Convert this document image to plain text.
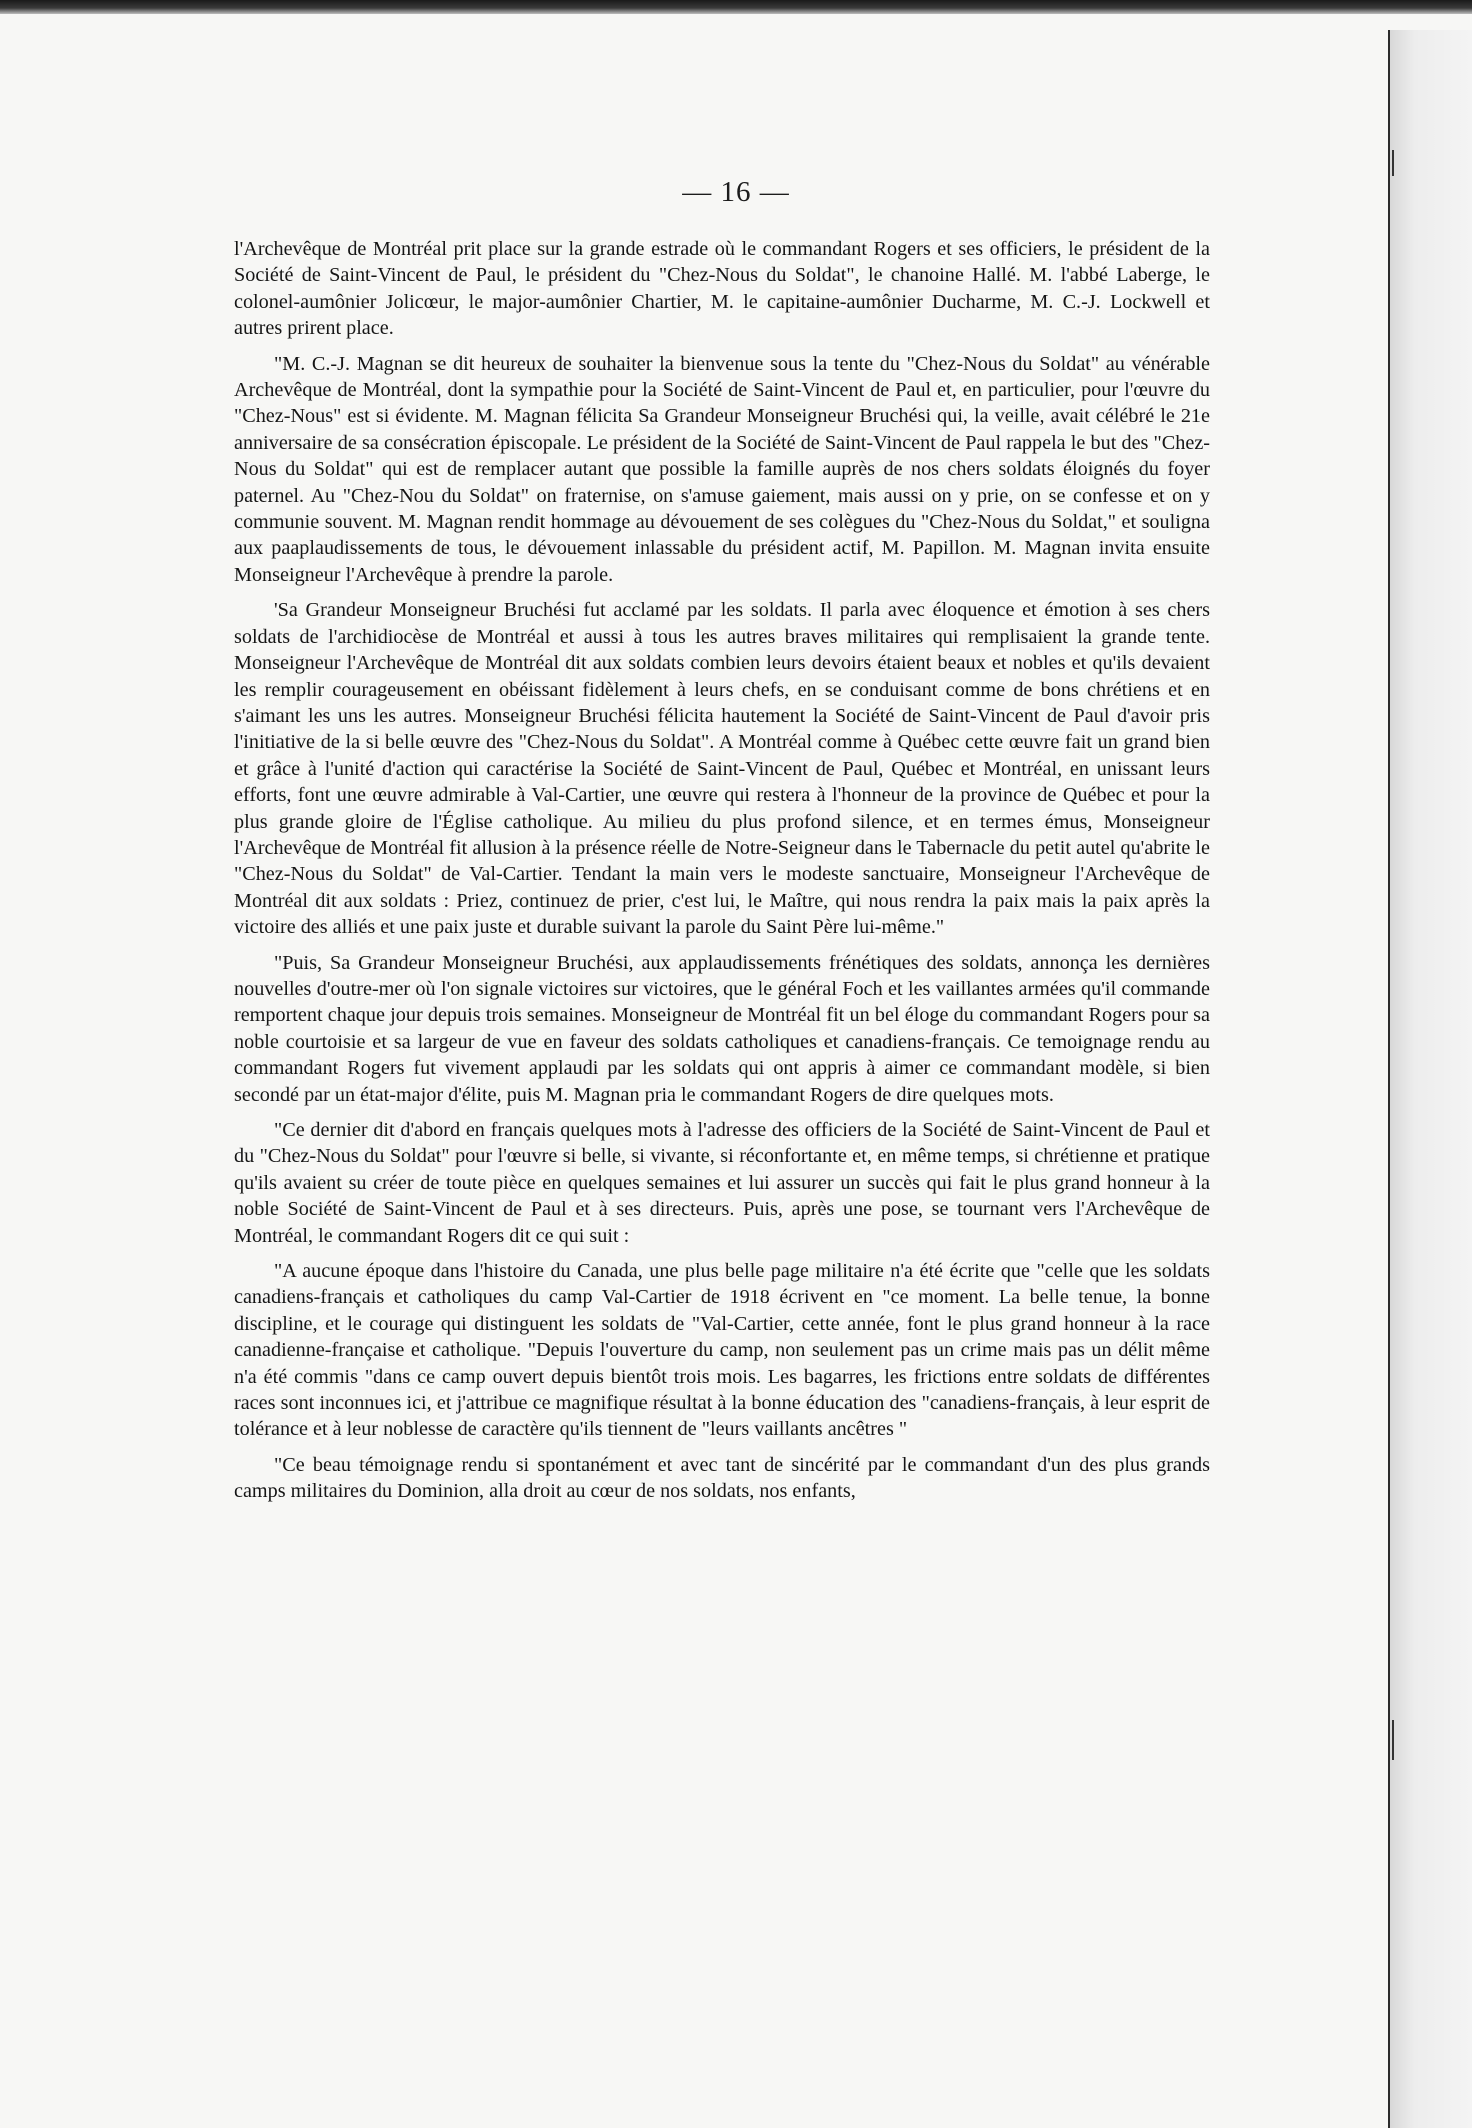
— 16 —

l'Archevêque de Montréal prit place sur la grande estrade où le commandant Rogers et ses officiers, le président de la Société de Saint-Vincent de Paul, le président du "Chez-Nous du Soldat", le chanoine Hallé. M. l'abbé Laberge, le colonel-aumônier Jolicœur, le major-aumônier Chartier, M. le capitaine-aumônier Ducharme, M. C.-J. Lockwell et autres prirent place.

"M. C.-J. Magnan se dit heureux de souhaiter la bienvenue sous la tente du "Chez-Nous du Soldat" au vénérable Archevêque de Montréal, dont la sympathie pour la Société de Saint-Vincent de Paul et, en particulier, pour l'œuvre du "Chez-Nous" est si évidente. M. Magnan félicita Sa Grandeur Monseigneur Bruchési qui, la veille, avait célébré le 21e anniversaire de sa consécration épiscopale. Le président de la Société de Saint-Vincent de Paul rappela le but des "Chez-Nous du Soldat" qui est de remplacer autant que possible la famille auprès de nos chers soldats éloignés du foyer paternel. Au "Chez-Nou du Soldat" on fraternise, on s'amuse gaiement, mais aussi on y prie, on se confesse et on y communie souvent. M. Magnan rendit hommage au dévouement de ses colègues du "Chez-Nous du Soldat," et souligna aux paaplaudissements de tous, le dévouement inlassable du président actif, M. Papillon. M. Magnan invita ensuite Monseigneur l'Archevêque à prendre la parole.

'Sa Grandeur Monseigneur Bruchési fut acclamé par les soldats. Il parla avec éloquence et émotion à ses chers soldats de l'archidiocèse de Montréal et aussi à tous les autres braves militaires qui remplisaient la grande tente. Monseigneur l'Archevêque de Montréal dit aux soldats combien leurs devoirs étaient beaux et nobles et qu'ils devaient les remplir courageusement en obéissant fidèlement à leurs chefs, en se conduisant comme de bons chrétiens et en s'aimant les uns les autres. Monseigneur Bruchési félicita hautement la Société de Saint-Vincent de Paul d'avoir pris l'initiative de la si belle œuvre des "Chez-Nous du Soldat". A Montréal comme à Québec cette œuvre fait un grand bien et grâce à l'unité d'action qui caractérise la Société de Saint-Vincent de Paul, Québec et Montréal, en unissant leurs efforts, font une œuvre admirable à Val-Cartier, une œuvre qui restera à l'honneur de la province de Québec et pour la plus grande gloire de l'Église catholique. Au milieu du plus profond silence, et en termes émus, Monseigneur l'Archevêque de Montréal fit allusion à la présence réelle de Notre-Seigneur dans le Tabernacle du petit autel qu'abrite le "Chez-Nous du Soldat" de Val-Cartier. Tendant la main vers le modeste sanctuaire, Monseigneur l'Archevêque de Montréal dit aux soldats : Priez, continuez de prier, c'est lui, le Maître, qui nous rendra la paix mais la paix après la victoire des alliés et une paix juste et durable suivant la parole du Saint Père lui-même."

"Puis, Sa Grandeur Monseigneur Bruchési, aux applaudissements frénétiques des soldats, annonça les dernières nouvelles d'outre-mer où l'on signale victoires sur victoires, que le général Foch et les vaillantes armées qu'il commande remportent chaque jour depuis trois semaines. Monseigneur de Montréal fit un bel éloge du commandant Rogers pour sa noble courtoisie et sa largeur de vue en faveur des soldats catholiques et canadiens-français. Ce temoignage rendu au commandant Rogers fut vivement applaudi par les soldats qui ont appris à aimer ce commandant modèle, si bien secondé par un état-major d'élite, puis M. Magnan pria le commandant Rogers de dire quelques mots.

"Ce dernier dit d'abord en français quelques mots à l'adresse des officiers de la Société de Saint-Vincent de Paul et du "Chez-Nous du Soldat" pour l'œuvre si belle, si vivante, si réconfortante et, en même temps, si chrétienne et pratique qu'ils avaient su créer de toute pièce en quelques semaines et lui assurer un succès qui fait le plus grand honneur à la noble Société de Saint-Vincent de Paul et à ses directeurs. Puis, après une pose, se tournant vers l'Archevêque de Montréal, le commandant Rogers dit ce qui suit :

"A aucune époque dans l'histoire du Canada, une plus belle page militaire n'a été écrite que "celle que les soldats canadiens-français et catholiques du camp Val-Cartier de 1918 écrivent en "ce moment. La belle tenue, la bonne discipline, et le courage qui distinguent les soldats de "Val-Cartier, cette année, font le plus grand honneur à la race canadienne-française et catholique. "Depuis l'ouverture du camp, non seulement pas un crime mais pas un délit même n'a été commis "dans ce camp ouvert depuis bientôt trois mois. Les bagarres, les frictions entre soldats de différentes races sont inconnues ici, et j'attribue ce magnifique résultat à la bonne éducation des "canadiens-français, à leur esprit de tolérance et à leur noblesse de caractère qu'ils tiennent de "leurs vaillants ancêtres "

"Ce beau témoignage rendu si spontanément et avec tant de sincérité par le commandant d'un des plus grands camps militaires du Dominion, alla droit au cœur de nos soldats, nos enfants,
